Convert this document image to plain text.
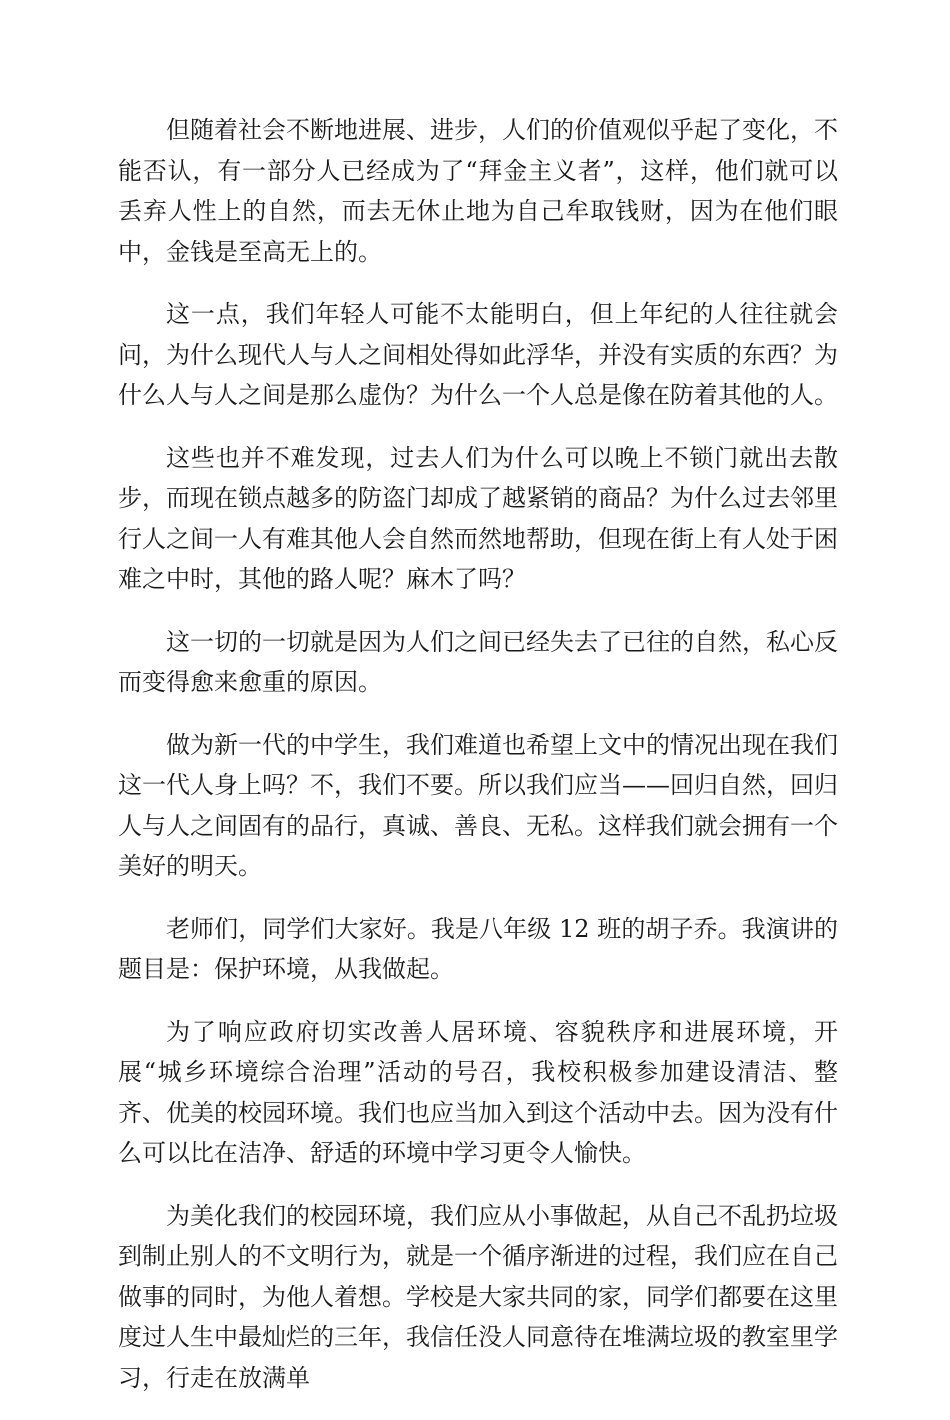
但随着社会不断地进展、进步，人们的价值观似乎起了变化，不能否认，有一部分人已经成为了“拜金主义者”，这样，他们就可以丢弃人性上的自然，而去无休止地为自己牟取钱财，因为在他们眼中，金钱是至高无上的。

这一点，我们年轻人可能不太能明白，但上年纪的人往往就会问，为什么现代人与人之间相处得如此浮华，并没有实质的东西？为什么人与人之间是那么虚伪？为什么一个人总是像在防着其他的人。

这些也并不难发现，过去人们为什么可以晚上不锁门就出去散步，而现在锁点越多的防盗门却成了越紧销的商品？为什么过去邻里行人之间一人有难其他人会自然而然地帮助，但现在街上有人处于困难之中时，其他的路人呢？麻木了吗？

这一切的一切就是因为人们之间已经失去了已往的自然，私心反而变得愈来愈重的原因。

做为新一代的中学生，我们难道也希望上文中的情况出现在我们这一代人身上吗？不，我们不要。所以我们应当——回归自然，回归人与人之间固有的品行，真诚、善良、无私。这样我们就会拥有一个美好的明天。

老师们，同学们大家好。我是八年级 12 班的胡子乔。我演讲的题目是：保护环境，从我做起。

为了响应政府切实改善人居环境、容貌秩序和进展环境，开展“城乡环境综合治理”活动的号召，我校积极参加建设清洁、整齐、优美的校园环境。我们也应当加入到这个活动中去。因为没有什么可以比在洁净、舒适的环境中学习更令人愉快。

为美化我们的校园环境，我们应从小事做起，从自己不乱扔垃圾到制止别人的不文明行为，就是一个循序渐进的过程，我们应在自己做事的同时，为他人着想。学校是大家共同的家，同学们都要在这里度过人生中最灿烂的三年，我信任没人同意待在堆满垃圾的教室里学习，行走在放满单
